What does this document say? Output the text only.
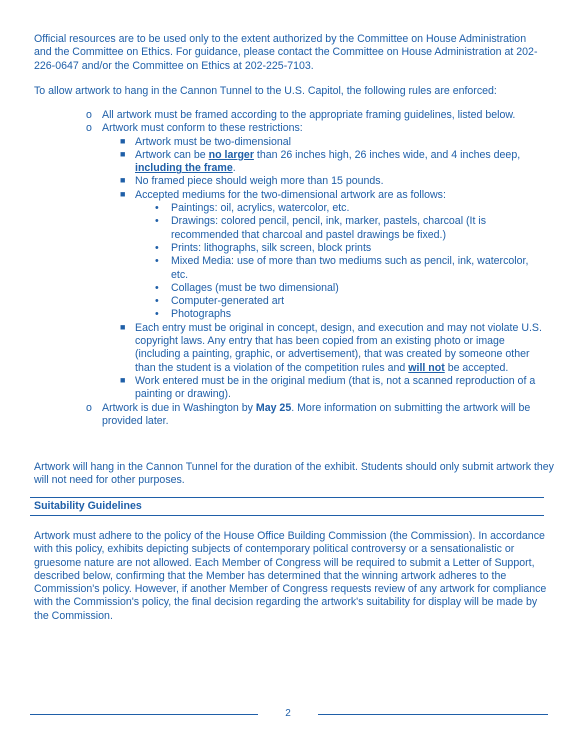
Official resources are to be used only to the extent authorized by the Committee on House Administration and the Committee on Ethics. For guidance, please contact the Committee on House Administration at 202-226-0647 and/or the Committee on Ethics at 202-225-7103.

To allow artwork to hang in the Cannon Tunnel to the U.S. Capitol, the following rules are enforced:

o All artwork must be framed according to the appropriate framing guidelines, listed below.
o Artwork must conform to these restrictions:
■ Artwork must be two-dimensional
■ Artwork can be no larger than 26 inches high, 26 inches wide, and 4 inches deep, including the frame.
■ No framed piece should weigh more than 15 pounds.
■ Accepted mediums for the two-dimensional artwork are as follows:
• Paintings: oil, acrylics, watercolor, etc.
• Drawings: colored pencil, pencil, ink, marker, pastels, charcoal (It is recommended that charcoal and pastel drawings be fixed.)
• Prints: lithographs, silk screen, block prints
• Mixed Media: use of more than two mediums such as pencil, ink, watercolor, etc.
• Collages (must be two dimensional)
• Computer-generated art
• Photographs
■ Each entry must be original in concept, design, and execution and may not violate U.S. copyright laws. Any entry that has been copied from an existing photo or image (including a painting, graphic, or advertisement), that was created by someone other than the student is a violation of the competition rules and will not be accepted.
■ Work entered must be in the original medium (that is, not a scanned reproduction of a painting or drawing).
o Artwork is due in Washington by May 25. More information on submitting the artwork will be provided later.

Artwork will hang in the Cannon Tunnel for the duration of the exhibit. Students should only submit artwork they will not need for other purposes.

Suitability Guidelines

Artwork must adhere to the policy of the House Office Building Commission (the Commission). In accordance with this policy, exhibits depicting subjects of contemporary political controversy or a sensationalistic or gruesome nature are not allowed. Each Member of Congress will be required to submit a Letter of Support, described below, confirming that the Member has determined that the winning artwork adheres to the Commission's policy. However, if another Member of Congress requests review of any artwork for compliance with the Commission's policy, the final decision regarding the artwork's suitability for display will be made by the Commission.

2
